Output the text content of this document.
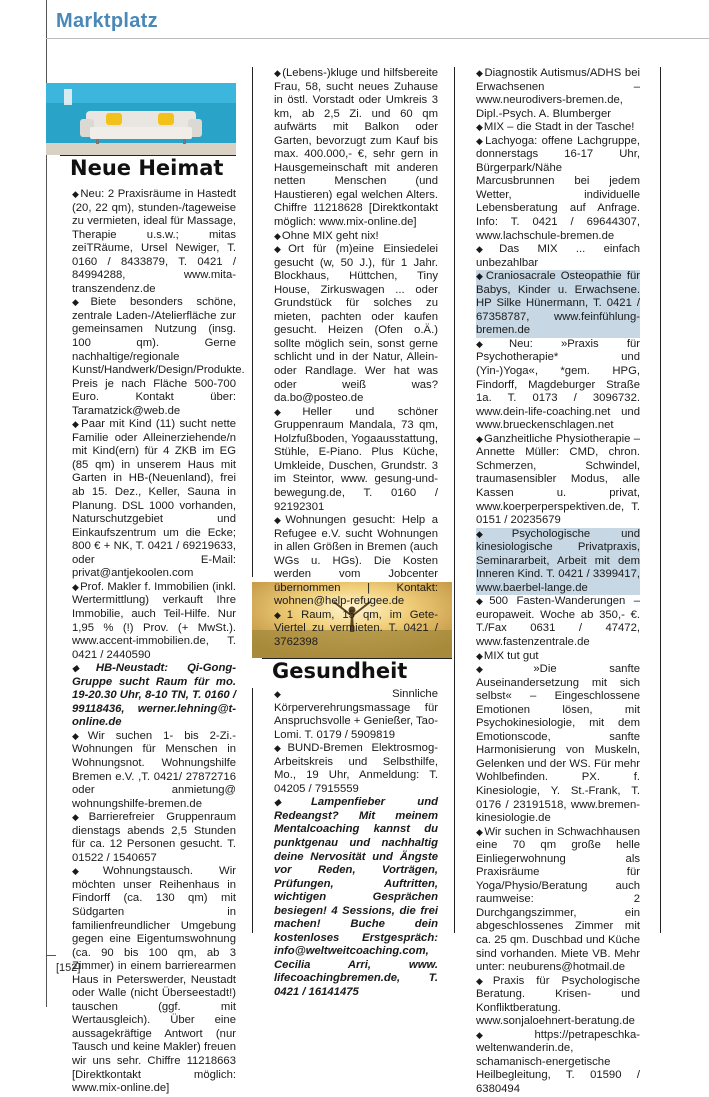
Marktplatz
Neue Heimat
Gesundheit

◆ Neu: 2 Praxisräume in Hastedt (20, 22 qm), stunden-/tageweise zu vermieten, ideal für Massage, Therapie u.s.w.; mitas zeiTRäume, Ursel Newiger, T. 0160 / 8433879, T. 0421 / 84994288, www.mita-transzendenz.de

◆ Biete besonders schöne, zentrale Laden-/Atelierfläche zur gemeinsamen Nutzung (insg. 100 qm). Gerne nachhaltige/regionale Kunst/Handwerk/Design/Produkte. Preis je nach Fläche 500-700 Euro. Kontakt über: Taramatzick@web.de

◆ Paar mit Kind (11) sucht nette Familie oder Alleinerziehende/n mit Kind(ern) für 4 ZKB im EG (85 qm) in unserem Haus mit Garten in HB-(Neuenland), frei ab 15. Dez., Keller, Sauna in Planung. DSL 1000 vorhanden, Naturschutzgebiet und Einkaufszentrum um die Ecke; 800 € + NK, T. 0421 / 69219633, oder E-Mail: privat@antjekoolen.com

◆ Prof. Makler f. Immobilien (inkl. Wertermittlung) verkauft Ihre Immobilie, auch Teil-Hilfe. Nur 1,95 % (!) Prov. (+ MwSt.). www.accent-immobilien.de, T. 0421 / 2440590

◆ HB-Neustadt: Qi-Gong-Gruppe sucht Raum für mo. 19-20.30 Uhr, 8-10 TN, T. 0160 / 99118436, werner.lehning@t-online.de

◆ Wir suchen 1- bis 2-Zi.-Wohnungen für Menschen in Wohnungsnot. Wohnungshilfe Bremen e.V. ,T. 0421/ 27872716 oder anmietung@ wohnungshilfe-bremen.de

◆ Barrierefreier Gruppenraum dienstags abends 2,5 Stunden für ca. 12 Personen gesucht. T. 01522 / 1540657

◆ Wohnungstausch. Wir möchten unser Reihenhaus in Findorff (ca. 130 qm) mit Südgarten in familienfreundlicher Umgebung gegen eine Eigentumswohnung (ca. 90 bis 100 qm, ab 3 Zimmer) in einem barrierearmen Haus in Peterswerder, Neustadt oder Walle (nicht Überseestadt!) tauschen (ggf. mit Wertausgleich). Über eine aussagekräftige Antwort (nur Tausch und keine Makler) freuen wir uns sehr. Chiffre 11218663 [Direktkontakt möglich: www.mix-online.de]

◆ (Lebens-)kluge und hilfsbereite Frau, 58, sucht neues Zuhause in östl. Vorstadt oder Umkreis 3 km, ab 2,5 Zi. und 60 qm aufwärts mit Balkon oder Garten, bevorzugt zum Kauf bis max. 400.000,- €, sehr gern in Hausgemeinschaft mit anderen netten Menschen (und Haustieren) egal welchen Alters. Chiffre 11218628 [Direktkontakt möglich: www.mix-online.de]

◆ Ohne MIX geht nix!

◆ Ort für (m)eine Einsiedelei gesucht (w, 50 J.), für 1 Jahr. Blockhaus, Hüttchen, Tiny House, Zirkuswagen ... oder Grundstück für solches zu mieten, pachten oder kaufen gesucht. Heizen (Ofen o.Ä.) sollte möglich sein, sonst gerne schlicht und in der Natur, Allein- oder Randlage. Wer hat was oder weiß was? da.bo@posteo.de

◆ Heller und schöner Gruppenraum Mandala, 73 qm, Holzfußboden, Yogaausstattung, Stühle, E-Piano. Plus Küche, Umkleide, Duschen, Grundstr. 3 im Steintor, www. gesung-und-bewegung.de, T. 0160 / 92192301

◆ Wohnungen gesucht: Help a Refugee e.V. sucht Wohnungen in allen Größen in Bremen (auch WGs u. HGs). Die Kosten werden vom Jobcenter übernommen | Kontakt: wohnen@help-refugee.de

◆ 1 Raum, 15 qm, im Gete-Viertel zu vermieten. T. 0421 / 3762398

◆ Sinnliche Körperverehrungsmassage für Anspruchsvolle + Genießer, Tao-Lomi. T. 0179 / 5909819

◆ BUND-Bremen Elektrosmog-Arbeitskreis und Selbsthilfe, Mo., 19 Uhr, Anmeldung: T. 04205 / 7915559

◆ Lampenfieber und Redeangst? Mit meinem Mentalcoaching kannst du punktgenau und nachhaltig deine Nervosität und Ängste vor Reden, Vorträgen, Prüfungen, Auftritten, wichtigen Gesprächen besiegen! 4 Sessions, die frei machen! Buche dein kostenloses Erstgespräch: info@weltweitcoaching.com, Cecilia Arri, www. lifecoachingbremen.de, T. 0421 / 16141475

◆ Diagnostik Autismus/ADHS bei Erwachsenen – www.neurodivers-bremen.de, Dipl.-Psych. A. Blumberger

◆ MIX – die Stadt in der Tasche!

◆ Lachyoga: offene Lachgruppe, donnerstags 16-17 Uhr, Bürgerpark/Nähe Marcusbrunnen bei jedem Wetter, individuelle Lebensberatung auf Anfrage. Info: T. 0421 / 69644307, www.lachschule-bremen.de

◆ Das MIX ... einfach unbezahlbar

◆ Craniosacrale Osteopathie für Babys, Kinder u. Erwachsene. HP Silke Hünermann, T. 0421 / 67358787, www.feinfühlung-bremen.de

◆ Neu: »Praxis für Psychotherapie* und (Yin-)Yoga«, *gem. HPG, Findorff, Magdeburger Straße 1a. T. 0173 / 3096732. www.dein-life-coaching.net und www.brueckenschlagen.net

◆ Ganzheitliche Physiotherapie – Annette Müller: CMD, chron. Schmerzen, Schwindel, traumasensibler Modus, alle Kassen u. privat, www.koerperperspektiven.de, T. 0151 / 20235679

◆ Psychologische und kinesiologische Privatpraxis, Seminararbeit, Arbeit mit dem Inneren Kind. T. 0421 / 3399417, www.baerbel-lange.de

◆ 500 Fasten-Wanderungen – europaweit. Woche ab 350,- €. T./Fax 0631 / 47472, www.fastenzentrale.de

◆ MIX tut gut

◆ »Die sanfte Auseinandersetzung mit sich selbst« – Eingeschlossene Emotionen lösen, mit Psychokinesiologie, mit dem Emotionscode, sanfte Harmonisierung von Muskeln, Gelenken und der WS. Für mehr Wohlbefinden. PX. f. Kinesiologie, Y. St.-Frank, T. 0176 / 23191518, www.bremen-kinesiologie.de

◆ Wir suchen in Schwachhausen eine 70 qm große helle Einliegerwohnung als Praxisräume für Yoga/Physio/Beratung auch raumweise: 2 Durchgangszimmer, ein abgeschlossenes Zimmer mit ca. 25 qm. Duschbad und Küche sind vorhanden. Miete VB. Mehr unter: neuburens@hotmail.de

◆ Praxis für Psychologische Beratung. Krisen- und Konfliktberatung. www.sonjaloehnert-beratung.de

◆ https://petrapeschka-weltenwanderin.de, schamanisch-energetische Heilbegleitung, T. 01590 / 6380494

[152]
